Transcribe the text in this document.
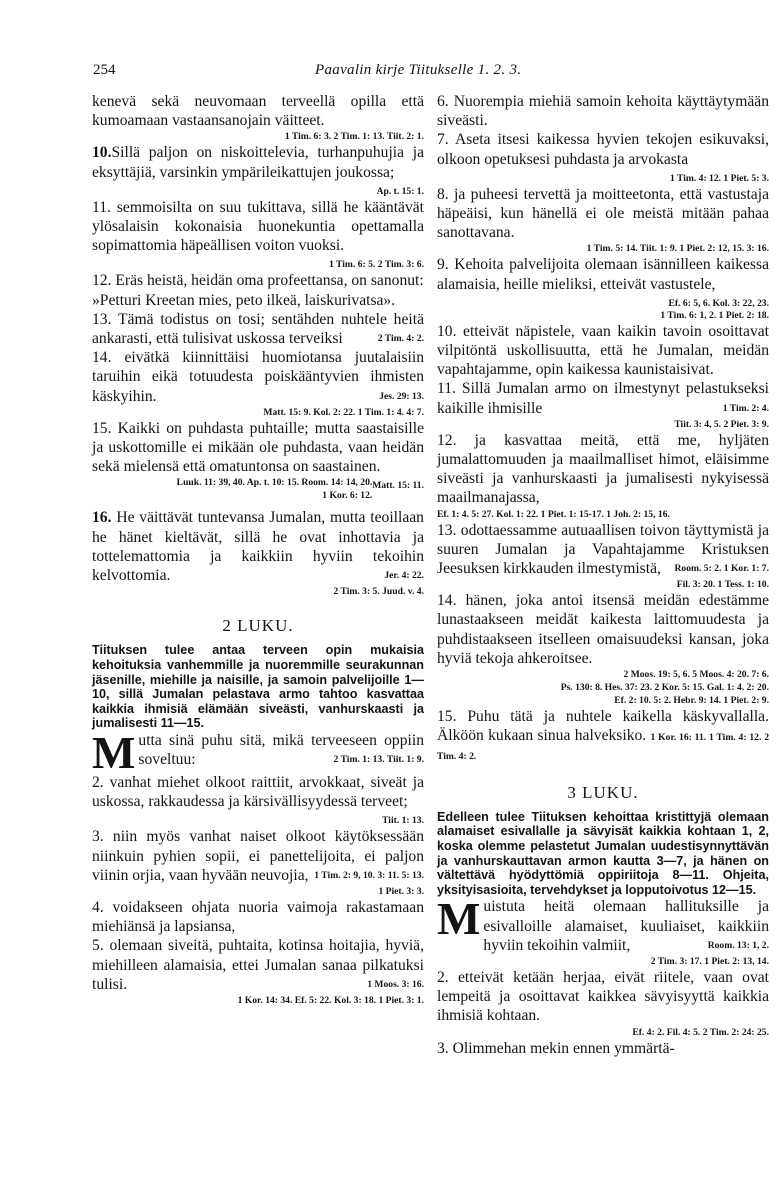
254	Paavalin kirje Tiitukselle 1. 2. 3.

kenevä sekä neuvomaan terveellä opilla että kumoamaan vastaansanojain väitteet.

1 Tim. 6: 3. 2 Tim. 1: 13. Tiit. 2: 1.

10.Sillä paljon on niskoittelevia, turhanpuhujia ja eksyttäjiä, varsinkin ympärileikattujen joukossa;
Ap. t. 15: 1.

11. semmoisilta on suu tukittava, sillä he kääntävät ylösalaisin kokonaisia huonekuntia opettamalla sopimattomia häpeällisen voiton vuoksi.
1 Tim. 6: 5. 2 Tim. 3: 6.

12. Eräs heistä, heidän oma profeettansa, on sanonut:

»Petturi Kreetan mies, peto ilkeä, laiskurivatsa».

13. Tämä todistus on tosi; sentähden nuhtele heitä ankarasti, että tulisivat uskossa terveiksi	2 Tim. 4: 2.

14. eivätkä kiinnittäisi huomiotansa juutalaisiin taruihin eikä totuudesta poiskääntyvien ihmisten käskyihin.	Jes. 29: 13.

Matt. 15: 9. Kol. 2: 22. 1 Tim. 1: 4. 4: 7.

15. Kaikki on puhdasta puhtaille; mutta saastaisille ja uskottomille ei mikään ole puhdasta, vaan heidän sekä mielensä että omatuntonsa on saastainen.
Matt. 15: 11.

Luuk. 11: 39, 40. Ap. t. 10: 15. Room. 14: 14, 20.
1 Kor. 6: 12.

16. He väittävät tuntevansa Jumalan, mutta teoillaan he hänet kieltävät, sillä he ovat inhottavia ja tottelemattomia ja kaikkiin hyviin tekoihin kelvottomia.	Jer. 4: 22.

2 Tim. 3: 5. Juud. v. 4.
2 LUKU.

Tiituksen tulee antaa terveen opin mukaisia kehoituksia vanhemmille ja nuoremmille seurakunnan jäsenille, miehille ja naisille, ja samoin palvelijoille 1—10, sillä Jumalan pelastava armo tahtoo kasvattaa kaikkia ihmisiä elämään siveästi, vanhurskaasti ja jumalisesti 11—15.

Mutta sinä puhu sitä, mikä terveeseen oppiin soveltuu:	2 Tim. 1: 13. Tiit. 1: 9.

2. vanhat miehet olkoot raittiit, arvokkaat, siveät ja uskossa, rakkaudessa ja kärsivällisyydessä terveet;
Tiit. 1: 13.

3. niin myös vanhat naiset olkoot käytöksessään niinkuin pyhien sopii, ei panettelijoita, ei paljon viinin orjia, vaan hyvään neuvojia, 1 Tim. 2: 9, 10. 3: 11. 5: 13.

1 Piet. 3: 3.

4. voidakseen ohjata nuoria vaimoja rakastamaan miehiänsä ja lapsiansa,

5. olemaan siveitä, puhtaita, kotinsa hoitajia, hyviä, miehilleen alamaisia, ettei Jumalan sanaa pilkatuksi tulisi.	1 Moos. 3: 16.

1 Kor. 14: 34. Ef. 5: 22. Kol. 3: 18. 1 Piet. 3: 1.

6. Nuorempia miehiä samoin kehoita käyttäytymään siveästi.

7. Aseta itsesi kaikessa hyvien tekojen esikuvaksi, olkoon opetuksesi puhdasta ja arvokasta
1 Tim. 4: 12. 1 Piet. 5: 3.

8. ja puheesi tervettä ja moitteetonta, että vastustaja häpeäisi, kun hänellä ei ole meistä mitään pahaa sanottavana.

1 Tim. 5: 14. Tiit. 1: 9. 1 Piet. 2: 12, 15. 3: 16.

9. Kehoita palvelijoita olemaan isännilleen kaikessa alamaisia, heille mieliksi, etteivät vastustele,
Ef. 6: 5, 6. Kol. 3: 22, 23.

1 Tim. 6: 1, 2. 1 Piet. 2: 18.

10. etteivät näpistele, vaan kaikin tavoin osoittavat vilpitöntä uskollisuutta, että he Jumalan, meidän vapahtajamme, opin kaikessa kaunistaisivat.

11. Sillä Jumalan armo on ilmestynyt pelastukseksi kaikille ihmisille	1 Tim. 2: 4.

Tiit. 3: 4, 5. 2 Piet. 3: 9.

12. ja kasvattaa meitä, että me, hyljäten jumalattomuuden ja maailmalliset himot, eläisimme siveästi ja vanhurskaasti ja jumalisesti nykyisessä maailmanajassa,

Ef. 1: 4. 5: 27. Kol. 1: 22. 1 Piet. 1: 15-17. 1 Joh. 2: 15, 16.

13. odottaessamme autuaallisen toivon täyttymistä ja suuren Jumalan ja Vapahtajamme Kristuksen Jeesuksen kirkkauden ilmestymistä, Room. 5: 2. 1 Kor. 1: 7.

Fil. 3: 20. 1 Tess. 1: 10.

14. hänen, joka antoi itsensä meidän edestämme lunastaakseen meidät kaikesta laittomuudesta ja puhdistaakseen itselleen omaisuudeksi kansan, joka hyviä tekoja ahkeroitsee.

2 Moos. 19: 5, 6. 5 Moos. 4: 20. 7: 6.
Ps. 130: 8. Hes. 37: 23. 2 Kor. 5: 15. Gal. 1: 4. 2: 20.
Ef. 2: 10. 5: 2. Hebr. 9: 14. 1 Piet. 2: 9.

15. Puhu tätä ja nuhtele kaikella käskyvallalla. Älköön kukaan sinua halveksiko. 1 Kor. 16: 11. 1 Tim. 4: 12. 2 Tim. 4: 2.

3 LUKU.

Edelleen tulee Tiituksen kehoittaa kristittyjä olemaan alamaiset esivallalle ja sävyisät kaikkia kohtaan 1, 2, koska olemme pelastetut Jumalan uudestisynnyttävän ja vanhurskauttavan armon kautta 3—7, ja hänen on vältettävä hyödyttömiä oppiriitoja 8—11. Ohjeita, yksityisasioita, tervehdykset ja lopputoivotus 12—15.

Muistuta heitä olemaan hallituksille ja esivalloille alamaiset, kuuliaiset, kaikkiin hyviin tekoihin valmiit,	Room. 13: 1, 2.

2 Tim. 3: 17. 1 Piet. 2: 13, 14.

2. etteivät ketään herjaa, eivät riitele, vaan ovat lempeitä ja osoittavat kaikkea sävyisyyttä kaikkia ihmisiä kohtaan.

Ef. 4: 2. Fil. 4: 5. 2 Tim. 2: 24: 25.

3. Olimmehan mekin ennen ymmärtä-
